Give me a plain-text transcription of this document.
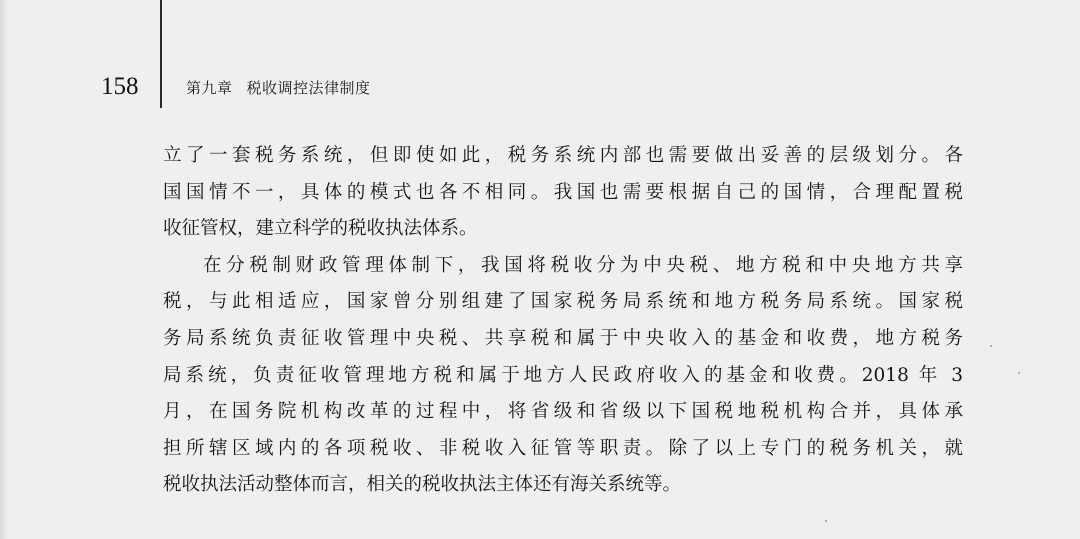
158	第九章 税收调控法律制度
立了一套税务系统，但即使如此，税务系统内部也需要做出妥善的层级划分。各
国国情不一，具体的模式也各不相同。我国也需要根据自己的国情，合理配置税
收征管权，建立科学的税收执法体系。
在分税制财政管理体制下，我国将税收分为中央税、地方税和中央地方共享
税，与此相适应，国家曾分别组建了国家税务局系统和地方税务局系统。国家税
务局系统负责征收管理中央税、共享税和属于中央收入的基金和收费，地方税务
局系统，负责征收管理地方税和属于地方人民政府收入的基金和收费。2018 年 3
月，在国务院机构改革的过程中，将省级和省级以下国税地税机构合并，具体承
担所辖区域内的各项税收、非税收入征管等职责。除了以上专门的税务机关，就
税收执法活动整体而言，相关的税收执法主体还有海关系统等。
